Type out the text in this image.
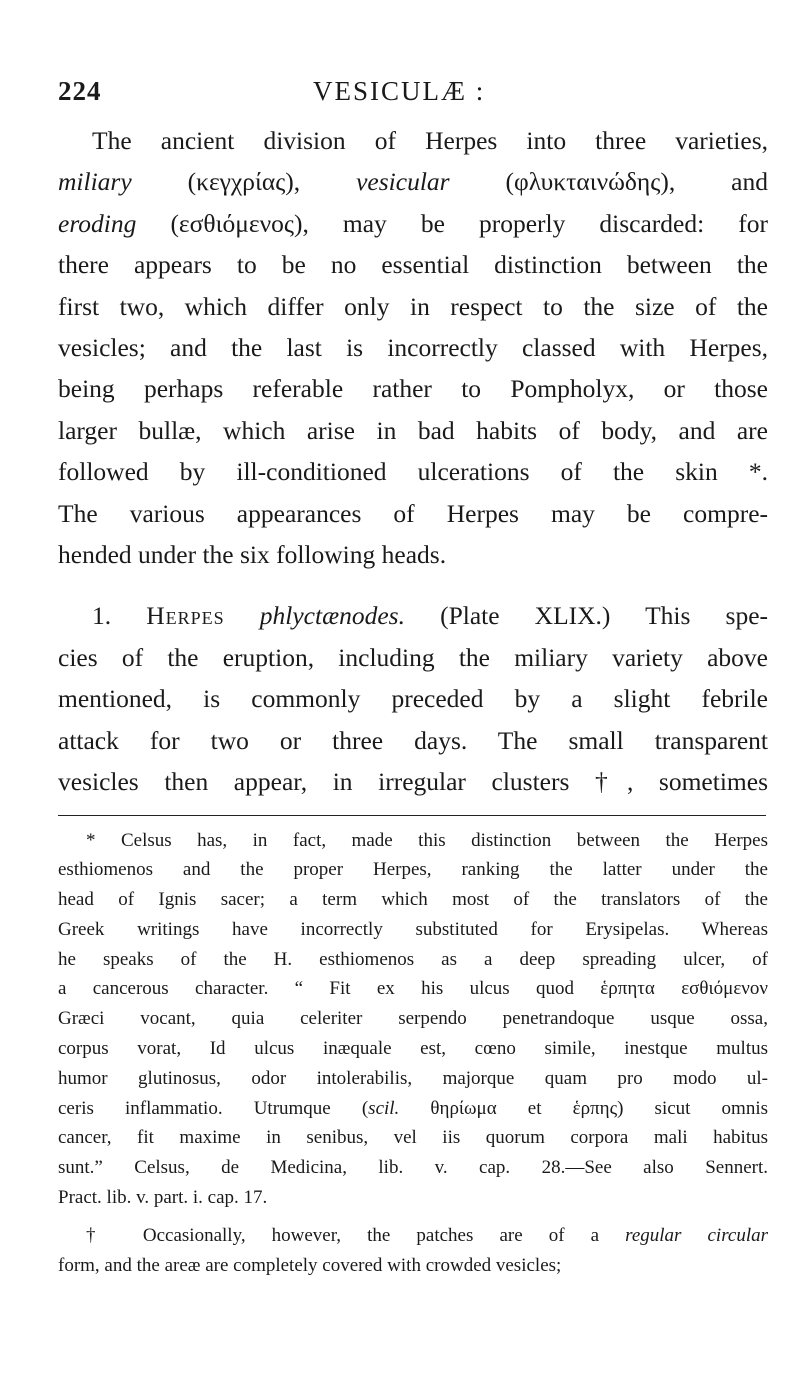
224	VESICULÆ :
The ancient division of Herpes into three varieties,
miliary (κεγχρίας), vesicular (φλυκταινώδης), and
eroding (εσθιόμενος), may be properly discarded: for
there appears to be no essential distinction between the
first two, which differ only in respect to the size of the
vesicles; and the last is incorrectly classed with Herpes,
being perhaps referable rather to Pompholyx, or those
larger bullæ, which arise in bad habits of body, and are
followed by ill-conditioned ulcerations of the skin *.
The various appearances of Herpes may be compre-
hended under the six following heads.
1. Herpes phlyctænodes. (Plate XLIX.) This spe-
cies of the eruption, including the miliary variety above
mentioned, is commonly preceded by a slight febrile
attack for two or three days. The small transparent
vesicles then appear, in irregular clusters †, sometimes
* Celsus has, in fact, made this distinction between the Herpes
esthiomenos and the proper Herpes, ranking the latter under the
head of Ignis sacer; a term which most of the translators of the
Greek writings have incorrectly substituted for Erysipelas. Whereas
he speaks of the H. esthiomenos as a deep spreading ulcer, of
a cancerous character. “ Fit ex his ulcus quod ἑρπητα εσθιόμενον
Græci vocant, quia celeriter serpendo penetrandoque usque ossa,
corpus vorat, Id ulcus inæquale est, cœno simile, inestque multus
humor glutinosus, odor intolerabilis, majorque quam pro modo ul-
ceris inflammatio. Utrumque (scil. θηρίωμα et ἑρπης) sicut omnis
cancer, fit maxime in senibus, vel iis quorum corpora mali habitus
sunt.” Celsus, de Medicina, lib. v. cap. 28.—See also Sennert.
Pract. lib. v. part. i. cap. 17.
† Occasionally, however, the patches are of a regular circular
form, and the areæ are completely covered with crowded vesicles;
